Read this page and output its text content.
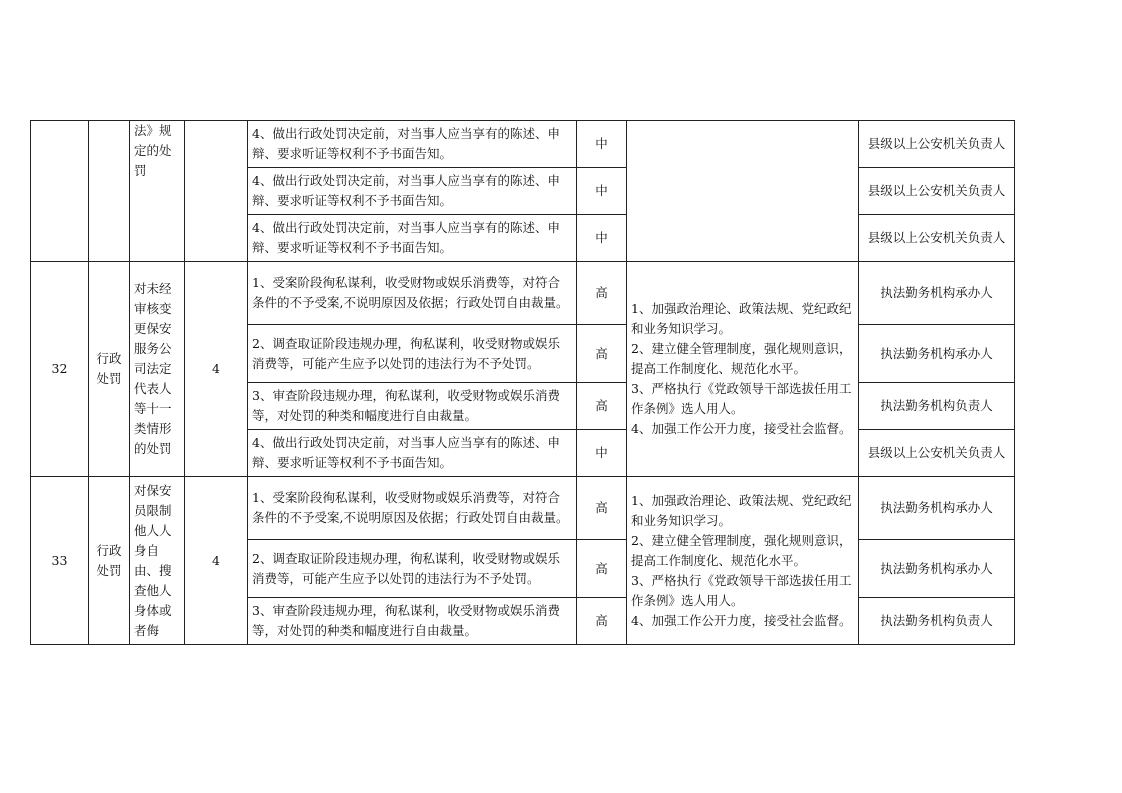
		法》规定的处罚		4、做出行政处罚决定前，对当事人应当享有的陈述、申辩、要求听证等权利不予书面告知。	中		县级以上公安机关负责人
				4、做出行政处罚决定前，对当事人应当享有的陈述、申辩、要求听证等权利不予书面告知。	中		县级以上公安机关负责人
				4、做出行政处罚决定前，对当事人应当享有的陈述、申辩、要求听证等权利不予书面告知。	中		县级以上公安机关负责人
32	行政处罚	对未经审核变更保安服务公司法定代表人等十一类情形的处罚	4	1、受案阶段徇私谋利，收受财物或娱乐消费等，对符合条件的不予受案,不说明原因及依据；行政处罚自由裁量。	高	1、加强政治理论、政策法规、党纪政纪和业务知识学习。
2、建立健全管理制度，强化规则意识，提高工作制度化、规范化水平。
3、严格执行《党政领导干部选拔任用工作条例》选人用人。
4、加强工作公开力度，接受社会监督。	执法勤务机构承办人
				2、调查取证阶段违规办理，徇私谋利，收受财物或娱乐消费等，可能产生应予以处罚的违法行为不予处罚。	高		执法勤务机构承办人
				3、审查阶段违规办理，徇私谋利，收受财物或娱乐消费等，对处罚的种类和幅度进行自由裁量。	高		执法勤务机构负责人
				4、做出行政处罚决定前，对当事人应当享有的陈述、申辩、要求听证等权利不予书面告知。	中		县级以上公安机关负责人
33	行政处罚	对保安员限制他人人身自由、搜查他人身体或者侮	4	1、受案阶段徇私谋利，收受财物或娱乐消费等，对符合条件的不予受案,不说明原因及依据；行政处罚自由裁量。	高	1、加强政治理论、政策法规、党纪政纪和业务知识学习。
2、建立健全管理制度，强化规则意识，提高工作制度化、规范化水平。
3、严格执行《党政领导干部选拔任用工作条例》选人用人。
4、加强工作公开力度，接受社会监督。	执法勤务机构承办人
				2、调查取证阶段违规办理，徇私谋利，收受财物或娱乐消费等，可能产生应予以处罚的违法行为不予处罚。	高		执法勤务机构承办人
				3、审查阶段违规办理，徇私谋利，收受财物或娱乐消费等，对处罚的种类和幅度进行自由裁量。	高		执法勤务机构负责人
